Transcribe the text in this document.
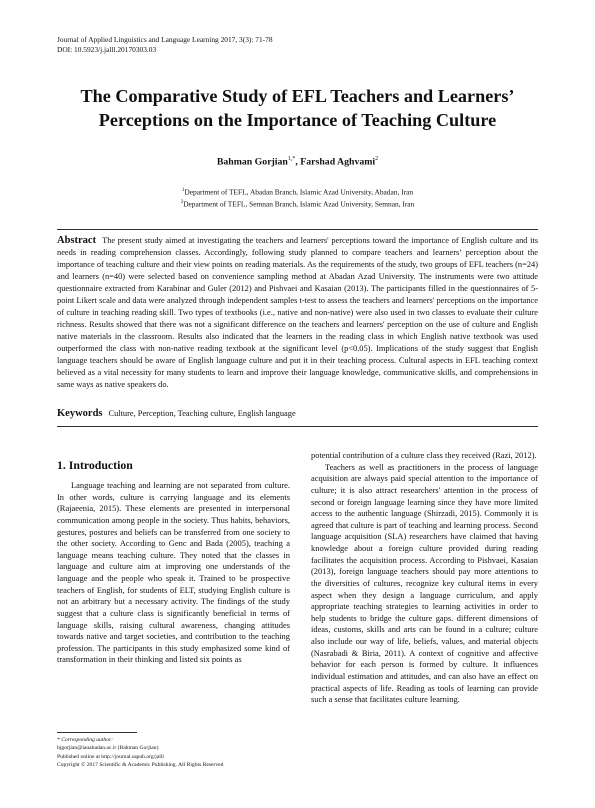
Journal of Applied Linguistics and Language Learning 2017, 3(3): 71-78
DOI: 10.5923/j.jalll.20170303.03
The Comparative Study of EFL Teachers and Learners’
Perceptions on the Importance of Teaching Culture
Bahman Gorjian$^{1,*}$, Farshad Aghvami$^2$
$^1$Department of TEFL, Abadan Branch, Islamic Azad University, Abadan, Iran
$^2$Department of TEFL, Semnan Branch, Islamic Azad University, Semnan, Iran
Abstract The present study aimed at investigating the teachers and learners' perceptions toward the importance of English culture and its needs in reading comprehension classes. Accordingly, following study planned to compare teachers and learners’ perception about the importance of teaching culture and their view points on reading materials. As the requirements of the study, two groups of EFL teachers (n=24) and learners (n=40) were selected based on convenience sampling method at Abadan Azad University. The instruments were two attitude questionnaire extracted from Karabinar and Guler (2012) and Pishvaei and Kasaian (2013). The participants filled in the questionnaires of 5-point Likert scale and data were analyzed through independent samples t-test to assess the teachers and learners' perceptions on the importance of culture in teaching reading skill. Two types of textbooks (i.e., native and non-native) were also used in two classes to evaluate their culture richness. Results showed that there was not a significant difference on the teachers and learners' perception on the use of culture and English native materials in the classroom. Results also indicated that the learners in the reading class in which English native textbook was used outperformed the class with non-native reading textbook at the significant level (p<0.05). Implications of the study suggest that English language teachers should be aware of English language culture and put it in their teaching process. Cultural aspects in EFL teaching context believed as a vital necessity for many students to learn and improve their language knowledge, communicative skills, and comprehensions in same ways as native speakers do.
Keywords Culture, Perception, Teaching culture, English language
1. Introduction

Language teaching and learning are not separated from culture. In other words, culture is carrying language and its elements (Rajaeenia, 2015). These elements are presented in interpersonal communication among people in the society. Thus habits, behaviors, gestures, postures and beliefs can be transferred from one society to the other society. According to Genc and Bada (2005), teaching a language means teaching culture. They noted that the classes in language and culture aim at improving one understands of the language and the people who speak it. Trained to be prospective teachers of English, for students of ELT, studying English culture is not an arbitrary but a necessary activity. The findings of the study suggest that a culture class is significantly beneficial in terms of language skills, raising cultural awareness, changing attitudes towards native and target societies, and contribution to the teaching profession. The participants in this study emphasized some kind of transformation in their thinking and listed six points as

potential contribution of a culture class they received (Razi, 2012).

Teachers as well as practitioners in the process of language acquisition are always paid special attention to the importance of culture; it is also attract researchers' attention in the process of second or foreign language learning since they have more limited access to the authentic language (Shirzadi, 2015). Commonly it is agreed that culture is part of teaching and learning process. Second language acquisition (SLA) researchers have claimed that having knowledge about a foreign culture provided during reading facilitates the acquisition process. According to Pishvaei, Kasaian (2013), foreign language teachers should pay more attentions to the diversities of cultures, recognize key cultural items in every aspect when they design a language curriculum, and apply appropriate teaching strategies to learning activities in order to help students to bridge the culture gaps. different dimensions of ideas, customs, skills and arts can be found in a culture; culture also include our way of life, beliefs, values, and material objects (Nasrabadi & Biria, 2011). A context of cognitive and affective behavior for each person is formed by culture. It influences individual estimation and attitudes, and can also have an effect on practical aspects of life. Reading as tools of learning can provide such a sense that facilitates culture learning.

* Corresponding author:
bjgorjian@iauabadan.ac.ir (Bahman Gorjian)
Published online at http://journal.sapub.org/jalll
Copyright © 2017 Scientific & Academic Publishing. All Rights Reserved
